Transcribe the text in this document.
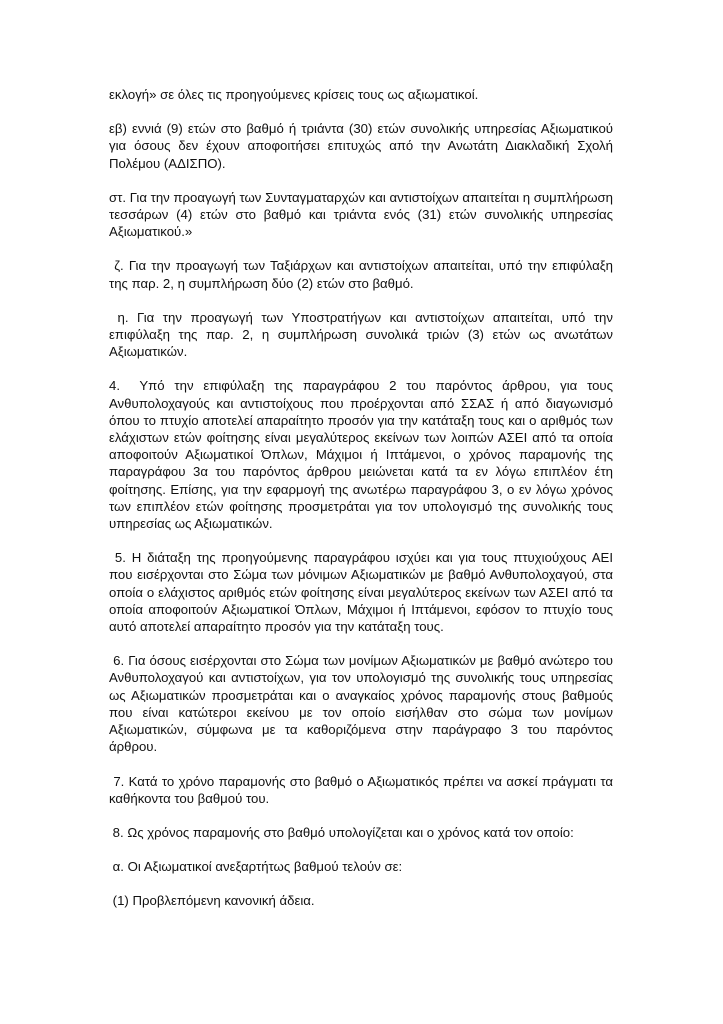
εκλογή» σε όλες τις προηγούμενες κρίσεις τους ως αξιωματικοί.

εβ) εννιά (9) ετών στο βαθμό ή τριάντα (30) ετών συνολικής υπηρεσίας Αξιωματικού για όσους δεν έχουν αποφοιτήσει επιτυχώς από την Ανωτάτη Διακλαδική Σχολή Πολέμου (ΑΔΙΣΠΟ).

στ. Για την προαγωγή των Συνταγματαρχών και αντιστοίχων απαιτείται η συμπλήρωση τεσσάρων (4) ετών στο βαθμό και τριάντα ενός (31) ετών συνολικής υπηρεσίας Αξιωματικού.»

ζ. Για την προαγωγή των Ταξιάρχων και αντιστοίχων απαιτείται, υπό την επιφύλαξη της παρ. 2, η συμπλήρωση δύο (2) ετών στο βαθμό.

η. Για την προαγωγή των Υποστρατήγων και αντιστοίχων απαιτείται, υπό την επιφύλαξη της παρ. 2, η συμπλήρωση συνολικά τριών (3) ετών ως ανωτάτων Αξιωματικών.

4.  Υπό την επιφύλαξη της παραγράφου 2 του παρόντος άρθρου, για τους Ανθυπολοχαγούς και αντιστοίχους που προέρχονται από ΣΣΑΣ ή από διαγωνισμό όπου το πτυχίο αποτελεί απαραίτητο προσόν για την κατάταξη τους και ο αριθμός των ελάχιστων ετών φοίτησης είναι μεγαλύτερος εκείνων των λοιπών ΑΣΕΙ από τα οποία αποφοιτούν Αξιωματικοί Όπλων, Μάχιμοι ή Ιπτάμενοι, ο χρόνος παραμονής της παραγράφου 3α του παρόντος άρθρου μειώνεται κατά τα εν λόγω επιπλέον έτη φοίτησης. Επίσης, για την εφαρμογή της ανωτέρω παραγράφου 3, ο εν λόγω χρόνος των επιπλέον ετών φοίτησης προσμετράται για τον υπολογισμό της συνολικής τους υπηρεσίας ως Αξιωματικών.

5. Η διάταξη της προηγούμενης παραγράφου ισχύει και για τους πτυχιούχους ΑΕΙ που εισέρχονται στο Σώμα των μόνιμων Αξιωματικών με βαθμό Ανθυπολοχαγού, στα οποία ο ελάχιστος αριθμός ετών φοίτησης είναι μεγαλύτερος εκείνων των ΑΣΕΙ από τα οποία αποφοιτούν Αξιωματικοί Όπλων, Μάχιμοι ή Ιπτάμενοι, εφόσον το πτυχίο τους αυτό αποτελεί απαραίτητο προσόν για την κατάταξη τους.

6. Για όσους εισέρχονται στο Σώμα των μονίμων Αξιωματικών με βαθμό ανώτερο του Ανθυπολοχαγού και αντιστοίχων, για τον υπολογισμό της συνολικής τους υπηρεσίας ως Αξιωματικών προσμετράται και ο αναγκαίος χρόνος παραμονής στους βαθμούς που είναι κατώτεροι εκείνου με τον οποίο εισήλθαν στο σώμα των μονίμων Αξιωματικών, σύμφωνα με τα καθοριζόμενα στην παράγραφο 3 του παρόντος άρθρου.

7. Κατά το χρόνο παραμονής στο βαθμό ο Αξιωματικός πρέπει να ασκεί πράγματι τα καθήκοντα του βαθμού του.

8. Ως χρόνος παραμονής στο βαθμό υπολογίζεται και ο χρόνος κατά τον οποίο:

α. Οι Αξιωματικοί ανεξαρτήτως βαθμού τελούν σε:

(1) Προβλεπόμενη κανονική άδεια.
